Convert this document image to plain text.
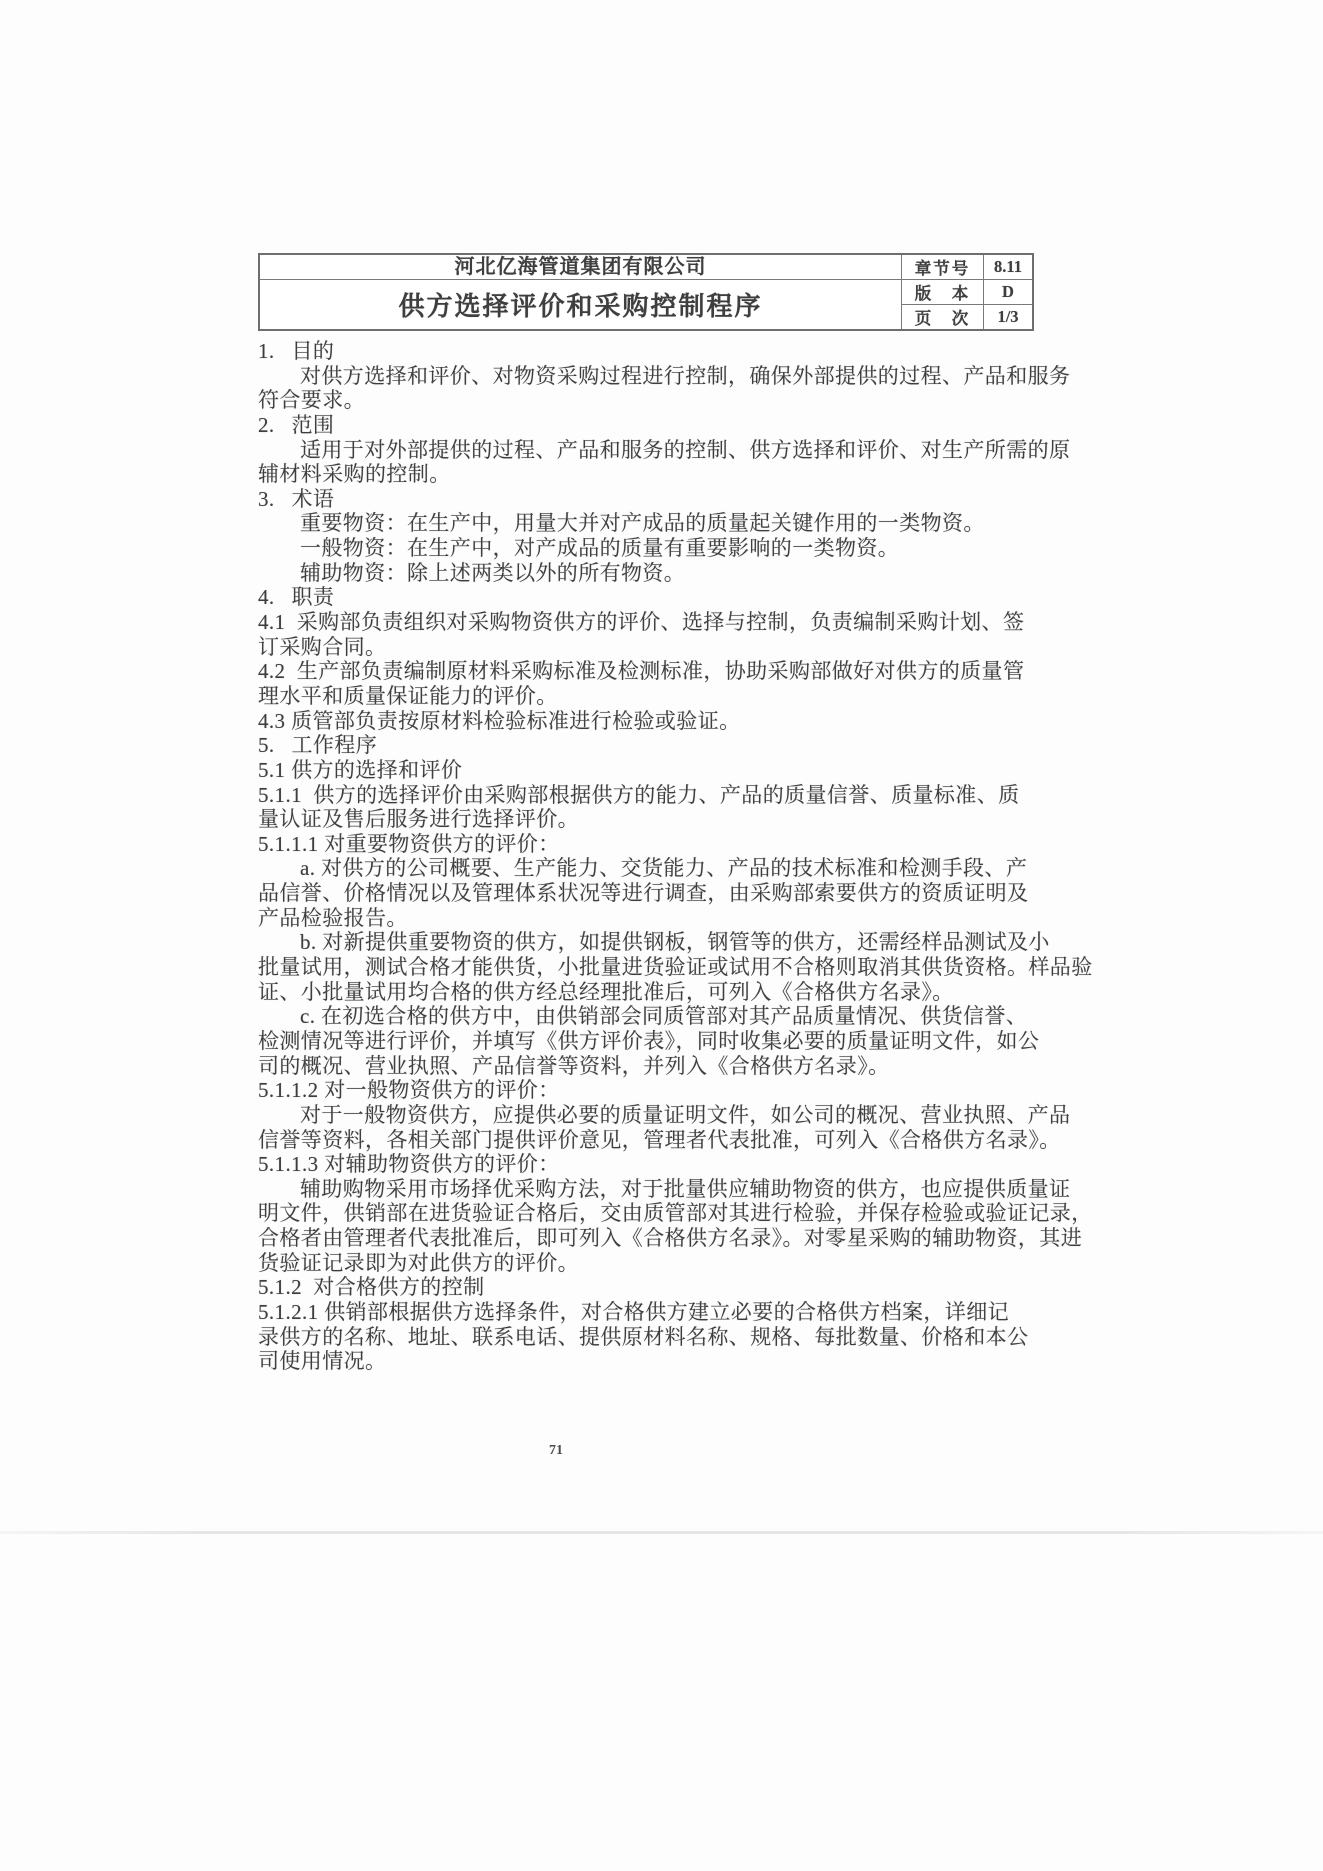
河北亿海管道集团有限公司
供方选择评价和采购控制程序
章节号	8.11
版　本	D
页　次	1/3
1.   目的
对供方选择和评价、对物资采购过程进行控制，确保外部提供的过程、产品和服务
符合要求。
2.   范围
适用于对外部提供的过程、产品和服务的控制、供方选择和评价、对生产所需的原
辅材料采购的控制。
3.   术语
重要物资：在生产中，用量大并对产成品的质量起关键作用的一类物资。
一般物资：在生产中，对产成品的质量有重要影响的一类物资。
辅助物资：除上述两类以外的所有物资。
4.   职责
4.1  采购部负责组织对采购物资供方的评价、选择与控制，负责编制采购计划、签
订采购合同。
4.2  生产部负责编制原材料采购标准及检测标准，协助采购部做好对供方的质量管
理水平和质量保证能力的评价。
4.3 质管部负责按原材料检验标准进行检验或验证。
5.   工作程序
5.1 供方的选择和评价
5.1.1  供方的选择评价由采购部根据供方的能力、产品的质量信誉、质量标准、质
量认证及售后服务进行选择评价。
5.1.1.1 对重要物资供方的评价：
a. 对供方的公司概要、生产能力、交货能力、产品的技术标准和检测手段、产
品信誉、价格情况以及管理体系状况等进行调查，由采购部索要供方的资质证明及
产品检验报告。
b. 对新提供重要物资的供方，如提供钢板，钢管等的供方，还需经样品测试及小
批量试用，测试合格才能供货，小批量进货验证或试用不合格则取消其供货资格。样品验
证、小批量试用均合格的供方经总经理批准后，可列入《合格供方名录》。
c. 在初选合格的供方中，由供销部会同质管部对其产品质量情况、供货信誉、
检测情况等进行评价，并填写《供方评价表》，同时收集必要的质量证明文件，如公
司的概况、营业执照、产品信誉等资料，并列入《合格供方名录》。
5.1.1.2 对一般物资供方的评价：
对于一般物资供方，应提供必要的质量证明文件，如公司的概况、营业执照、产品
信誉等资料，各相关部门提供评价意见，管理者代表批准，可列入《合格供方名录》。
5.1.1.3 对辅助物资供方的评价：
辅助购物采用市场择优采购方法，对于批量供应辅助物资的供方，也应提供质量证
明文件，供销部在进货验证合格后，交由质管部对其进行检验，并保存检验或验证记录，
合格者由管理者代表批准后，即可列入《合格供方名录》。对零星采购的辅助物资，其进
货验证记录即为对此供方的评价。
5.1.2  对合格供方的控制
5.1.2.1 供销部根据供方选择条件，对合格供方建立必要的合格供方档案，详细记
录供方的名称、地址、联系电话、提供原材料名称、规格、每批数量、价格和本公
司使用情况。
71
